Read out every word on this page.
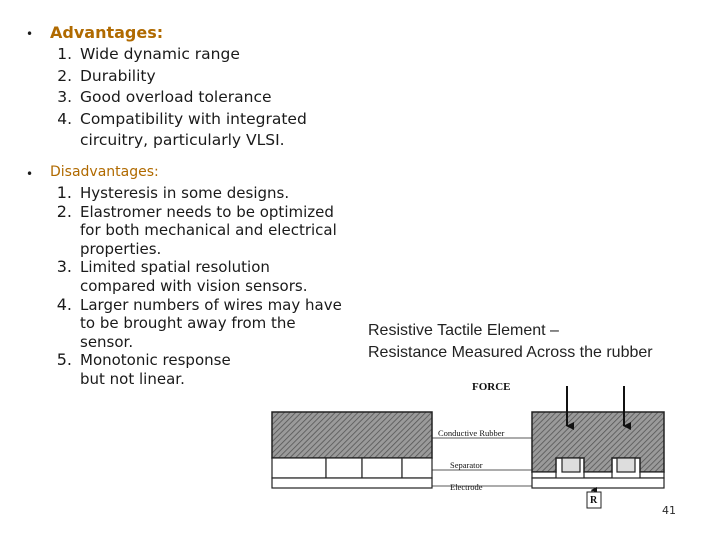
• Advantages:
1. Wide dynamic range
2. Durability
3. Good overload tolerance
4. Compatibility with integrated circuitry, particularly VLSI.
• Disadvantages:
1. Hysteresis in some designs.
2. Elastromer needs to be optimized for both mechanical and electrical properties.
3. Limited spatial resolution compared with vision sensors.
4. Larger numbers of wires may have to be brought away from the sensor.
5. Monotonic response but not linear.
Resistive Tactile Element –
Resistance Measured Across the rubber
FORCE
Conductive Rubber
Separator
Electrode
R
41
